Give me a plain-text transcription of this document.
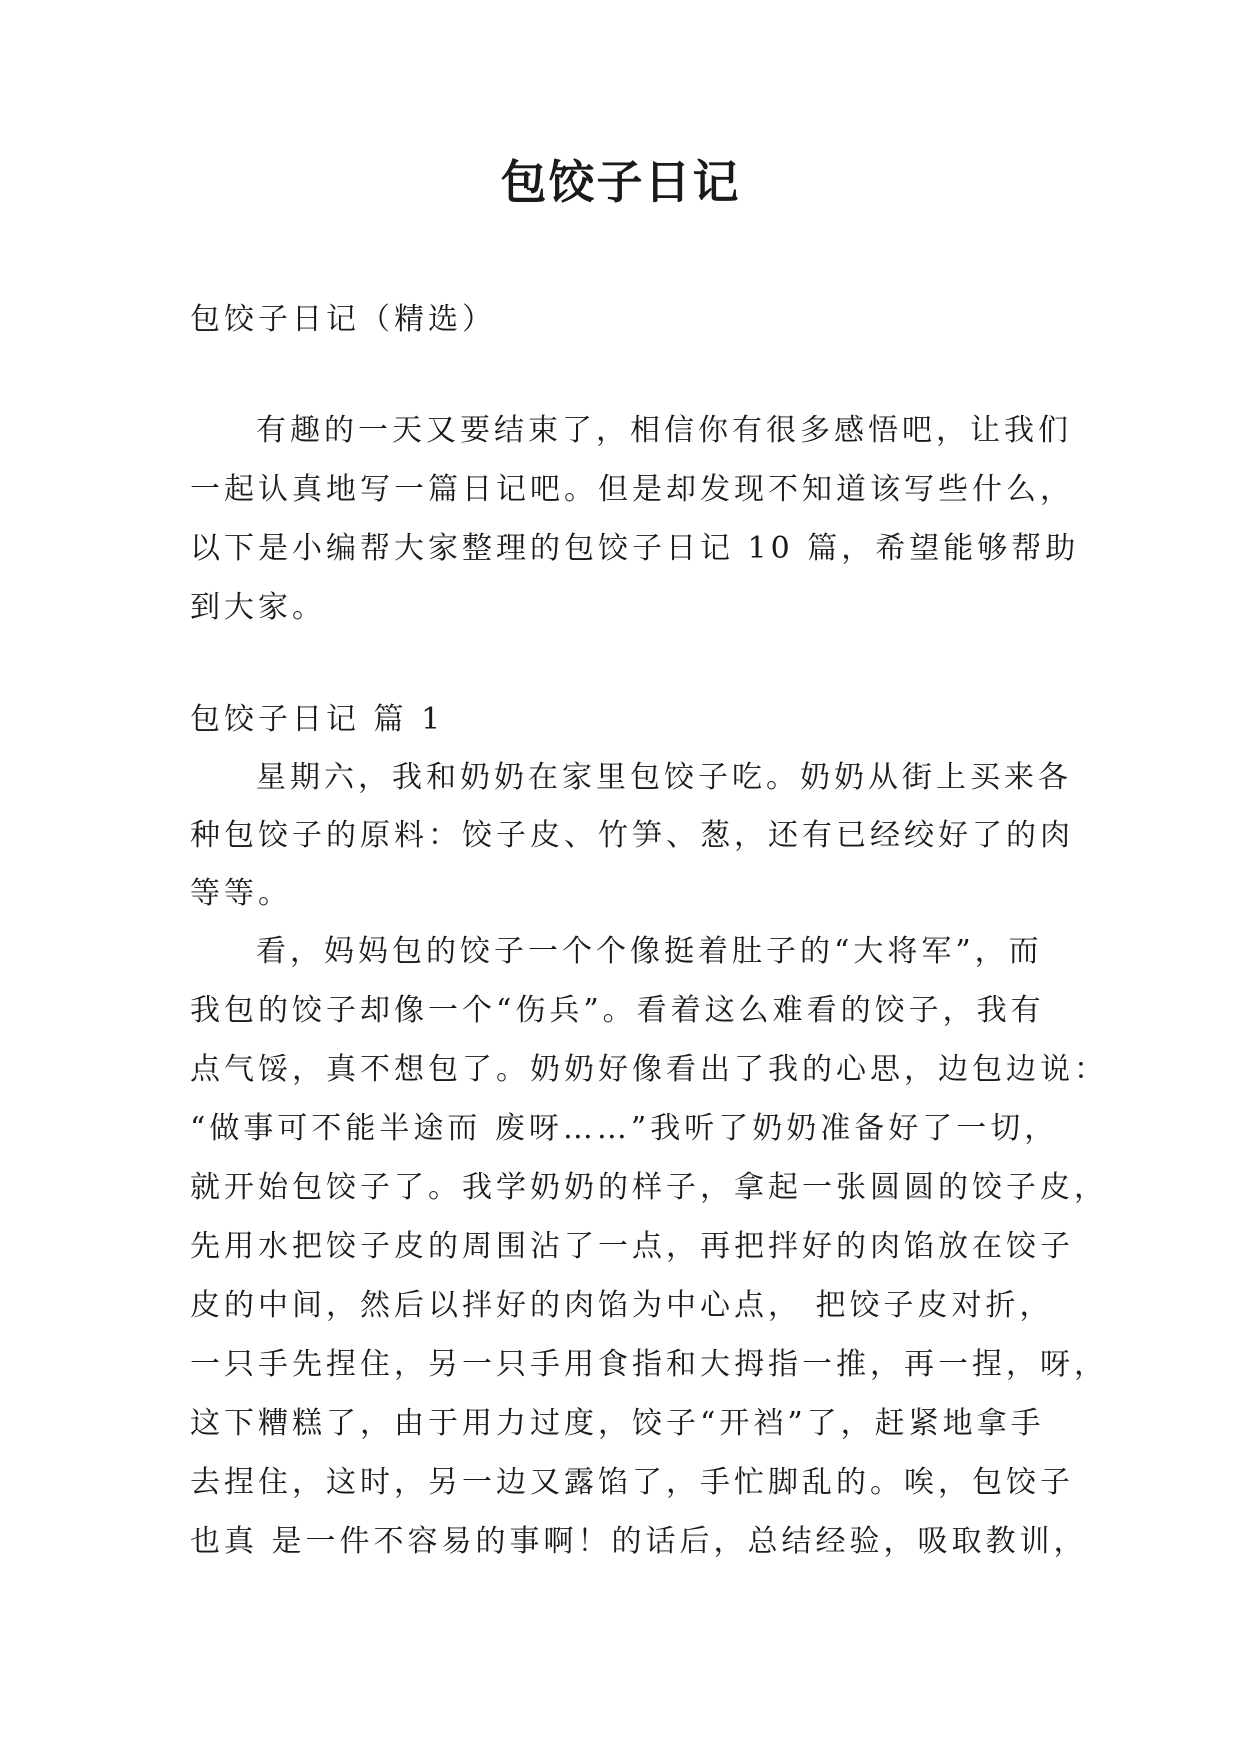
包饺子日记

包饺子日记（精选）

有趣的一天又要结束了，相信你有很多感悟吧，让我们

一起认真地写一篇日记吧。但是却发现不知道该写些什么，

以下是小编帮大家整理的包饺子日记 10 篇，希望能够帮助

到大家。

包饺子日记 篇 1

星期六，我和奶奶在家里包饺子吃。奶奶从街上买来各

种包饺子的原料：饺子皮、竹笋、葱，还有已经绞好了的肉

等等。

看，妈妈包的饺子一个个像挺着肚子的“大将军”，而

我包的饺子却像一个“伤兵”。看着这么难看的饺子，我有

点气馁，真不想包了。奶奶好像看出了我的心思，边包边说：

“做事可不能半途而 废呀……”我听了奶奶准备好了一切，

就开始包饺子了。我学奶奶的样子，拿起一张圆圆的饺子皮，

先用水把饺子皮的周围沾了一点，再把拌好的肉馅放在饺子

皮的中间，然后以拌好的肉馅为中心点， 把饺子皮对折，

一只手先捏住，另一只手用食指和大拇指一推，再一捏，呀，

这下糟糕了，由于用力过度，饺子“开裆”了，赶紧地拿手

去捏住，这时，另一边又露馅了，手忙脚乱的。唉，包饺子

也真 是一件不容易的事啊！的话后，总结经验，吸取教训，
